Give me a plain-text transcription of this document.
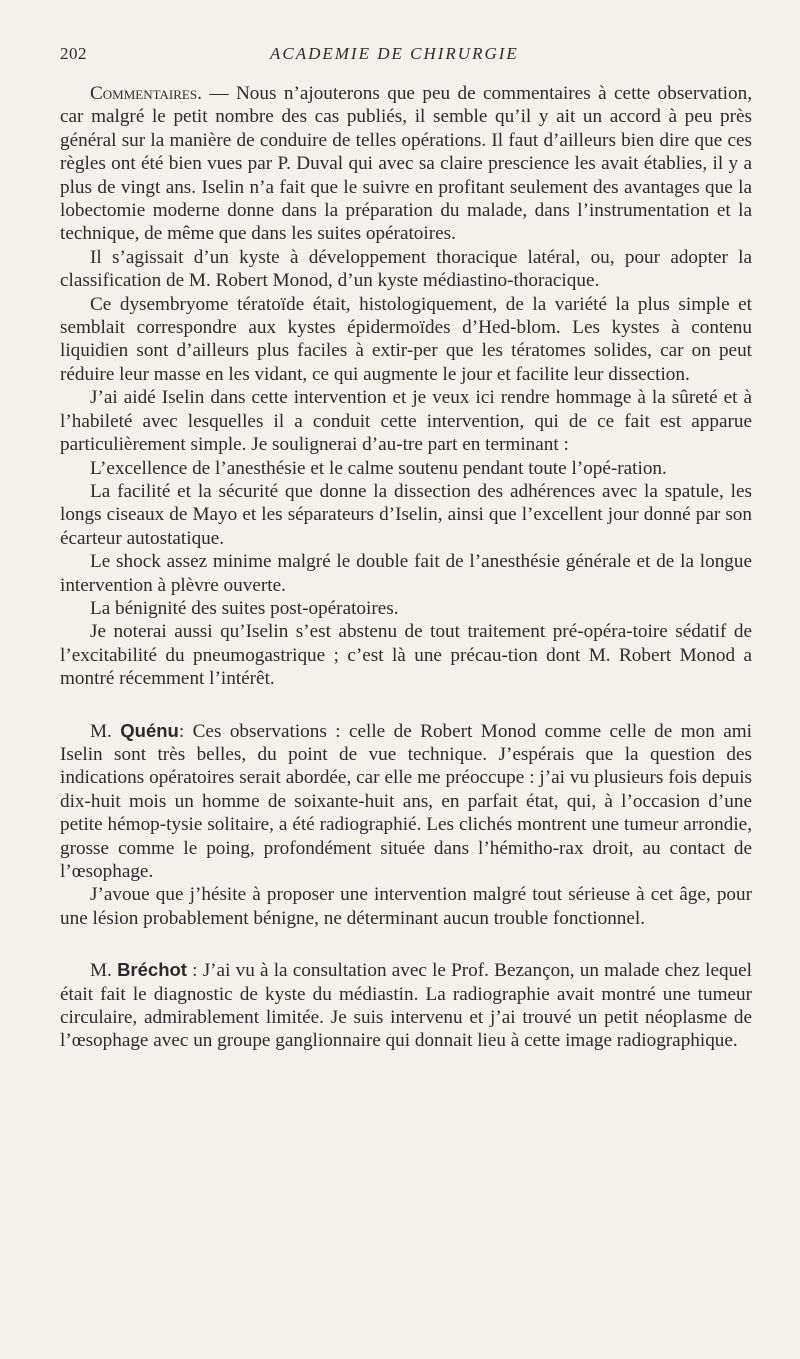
202	ACADEMIE DE CHIRURGIE

Commentaires. — Nous n’ajouterons que peu de commentaires à cette observation, car malgré le petit nombre des cas publiés, il semble qu’il y ait un accord à peu près général sur la manière de conduire de telles opérations. Il faut d’ailleurs bien dire que ces règles ont été bien vues par P. Duval qui avec sa claire prescience les avait établies, il y a plus de vingt ans. Iselin n’a fait que le suivre en profitant seulement des avantages que la lobectomie moderne donne dans la préparation du malade, dans l’instrumentation et la technique, de même que dans les suites opératoires.

Il s’agissait d’un kyste à développement thoracique latéral, ou, pour adopter la classification de M. Robert Monod, d’un kyste médiastino-thoracique.

Ce dysembryome tératoïde était, histologiquement, de la variété la plus simple et semblait correspondre aux kystes épidermoïdes d’Hed-blom. Les kystes à contenu liquidien sont d’ailleurs plus faciles à extir-per que les tératomes solides, car on peut réduire leur masse en les vidant, ce qui augmente le jour et facilite leur dissection.

J’ai aidé Iselin dans cette intervention et je veux ici rendre hommage à la sûreté et à l’habileté avec lesquelles il a conduit cette intervention, qui de ce fait est apparue particulièrement simple. Je soulignerai d’au-tre part en terminant :

L’excellence de l’anesthésie et le calme soutenu pendant toute l’opé-ration.

La facilité et la sécurité que donne la dissection des adhérences avec la spatule, les longs ciseaux de Mayo et les séparateurs d’Iselin, ainsi que l’excellent jour donné par son écarteur autostatique.

Le shock assez minime malgré le double fait de l’anesthésie générale et de la longue intervention à plèvre ouverte.

La bénignité des suites post-opératoires.

Je noterai aussi qu’Iselin s’est abstenu de tout traitement pré-opéra-toire sédatif de l’excitabilité du pneumogastrique ; c’est là une précau-tion dont M. Robert Monod a montré récemment l’intérêt.

M. Quénu: Ces observations : celle de Robert Monod comme celle de mon ami Iselin sont très belles, du point de vue technique. J’espérais que la question des indications opératoires serait abordée, car elle me préoccupe : j’ai vu plusieurs fois depuis dix-huit mois un homme de soixante-huit ans, en parfait état, qui, à l’occasion d’une petite hémop-tysie solitaire, a été radiographié. Les clichés montrent une tumeur arrondie, grosse comme le poing, profondément située dans l’hémitho-rax droit, au contact de l’œsophage.

J’avoue que j’hésite à proposer une intervention malgré tout sérieuse à cet âge, pour une lésion probablement bénigne, ne déterminant aucun trouble fonctionnel.

M. Bréchot : J’ai vu à la consultation avec le Prof. Bezançon, un malade chez lequel était fait le diagnostic de kyste du médiastin. La radiographie avait montré une tumeur circulaire, admirablement limitée. Je suis intervenu et j’ai trouvé un petit néoplasme de l’œsophage avec un groupe ganglionnaire qui donnait lieu à cette image radiographique.
